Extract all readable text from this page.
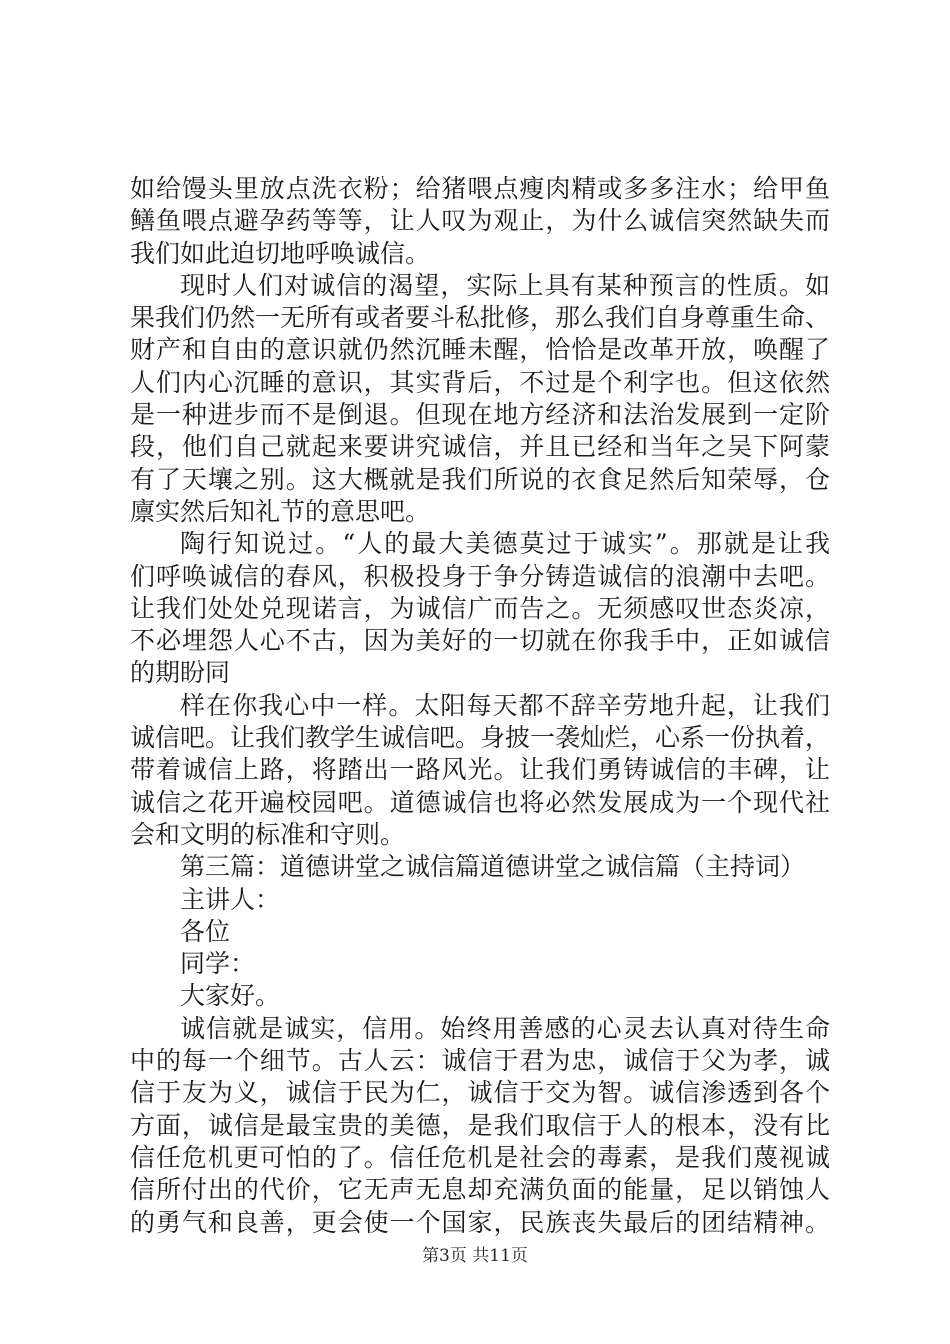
如给馒头里放点洗衣粉；给猪喂点瘦肉精或多多注水；给甲鱼
鳝鱼喂点避孕药等等，让人叹为观止，为什么诚信突然缺失而
我们如此迫切地呼唤诚信。
现时人们对诚信的渴望，实际上具有某种预言的性质。如
果我们仍然一无所有或者要斗私批修，那么我们自身尊重生命、
财产和自由的意识就仍然沉睡未醒，恰恰是改革开放，唤醒了
人们内心沉睡的意识，其实背后，不过是个利字也。但这依然
是一种进步而不是倒退。但现在地方经济和法治发展到一定阶
段，他们自己就起来要讲究诚信，并且已经和当年之吴下阿蒙
有了天壤之别。这大概就是我们所说的衣食足然后知荣辱，仓
廪实然后知礼节的意思吧。
陶行知说过。“人的最大美德莫过于诚实”。那就是让我
们呼唤诚信的春风，积极投身于争分铸造诚信的浪潮中去吧。
让我们处处兑现诺言，为诚信广而告之。无须感叹世态炎凉，
不必埋怨人心不古，因为美好的一切就在你我手中，正如诚信
的期盼同
样在你我心中一样。太阳每天都不辞辛劳地升起，让我们
诚信吧。让我们教学生诚信吧。身披一袭灿烂，心系一份执着，
带着诚信上路，将踏出一路风光。让我们勇铸诚信的丰碑，让
诚信之花开遍校园吧。道德诚信也将必然发展成为一个现代社
会和文明的标准和守则。
第三篇：道德讲堂之诚信篇道德讲堂之诚信篇（主持词）
主讲人：
各位
同学：
大家好。
诚信就是诚实，信用。始终用善感的心灵去认真对待生命
中的每一个细节。古人云：诚信于君为忠，诚信于父为孝，诚
信于友为义，诚信于民为仁，诚信于交为智。诚信渗透到各个
方面，诚信是最宝贵的美德，是我们取信于人的根本，没有比
信任危机更可怕的了。信任危机是社会的毒素，是我们蔑视诚
信所付出的代价，它无声无息却充满负面的能量，足以销蚀人
的勇气和良善，更会使一个国家，民族丧失最后的团结精神。
第3页 共11页
